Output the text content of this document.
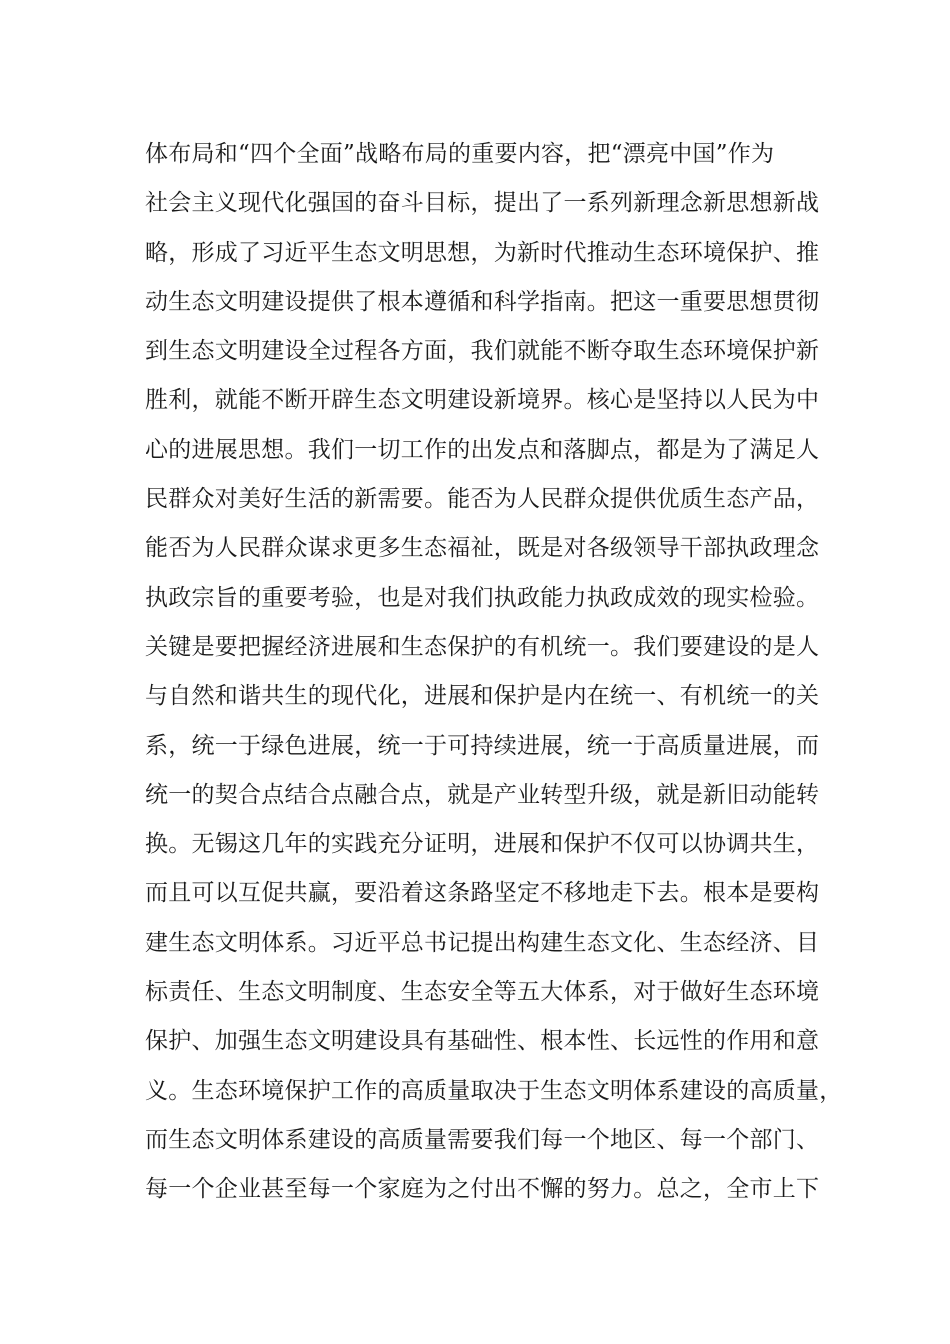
体布局和“四个全面”战略布局的重要内容，把“漂亮中国”作为
社会主义现代化强国的奋斗目标，提出了一系列新理念新思想新战
略，形成了习近平生态文明思想，为新时代推动生态环境保护、推
动生态文明建设提供了根本遵循和科学指南。把这一重要思想贯彻
到生态文明建设全过程各方面，我们就能不断夺取生态环境保护新
胜利，就能不断开辟生态文明建设新境界。核心是坚持以人民为中
心的进展思想。我们一切工作的出发点和落脚点，都是为了满足人
民群众对美好生活的新需要。能否为人民群众提供优质生态产品，
能否为人民群众谋求更多生态福祉，既是对各级领导干部执政理念
执政宗旨的重要考验，也是对我们执政能力执政成效的现实检验。
关键是要把握经济进展和生态保护的有机统一。我们要建设的是人
与自然和谐共生的现代化，进展和保护是内在统一、有机统一的关
系，统一于绿色进展，统一于可持续进展，统一于高质量进展，而
统一的契合点结合点融合点，就是产业转型升级，就是新旧动能转
换。无锡这几年的实践充分证明，进展和保护不仅可以协调共生，
而且可以互促共赢，要沿着这条路坚定不移地走下去。根本是要构
建生态文明体系。习近平总书记提出构建生态文化、生态经济、目
标责任、生态文明制度、生态安全等五大体系，对于做好生态环境
保护、加强生态文明建设具有基础性、根本性、长远性的作用和意
义。生态环境保护工作的高质量取决于生态文明体系建设的高质量，
而生态文明体系建设的高质量需要我们每一个地区、每一个部门、
每一个企业甚至每一个家庭为之付出不懈的努力。总之，全市上下
